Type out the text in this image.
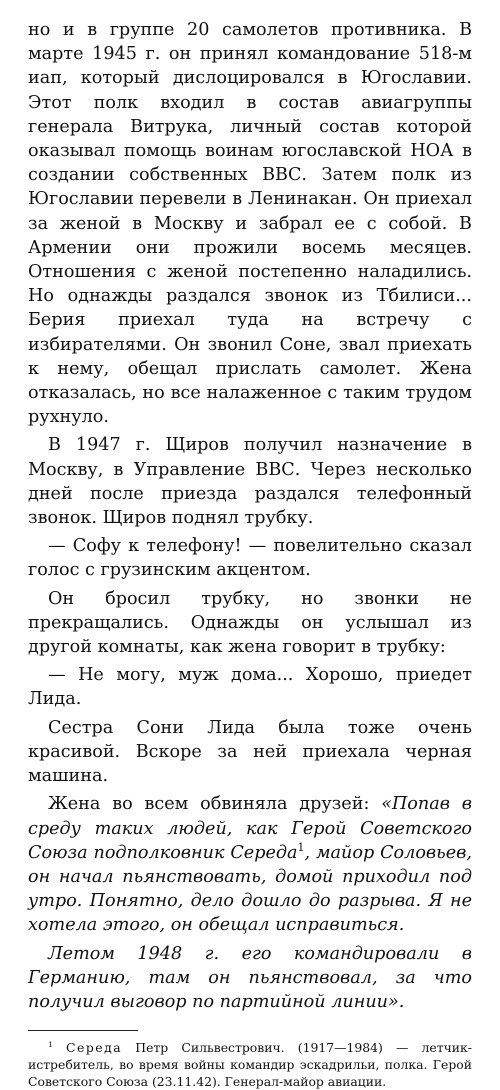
но и в группе 20 самолетов противника. В марте 1945 г. он принял командование 518-м иап, который дислоцировался в Югославии. Этот полк входил в состав авиагруппы генерала Витрука, личный состав которой оказывал помощь воинам югославской НОА в создании собственных ВВС. Затем полк из Югославии перевели в Ленинакан. Он приехал за женой в Москву и забрал ее с собой. В Армении они прожили восемь месяцев. Отношения с женой постепенно наладились. Но однажды раздался звонок из Тбилиси... Берия приехал туда на встречу с избирателями. Он звонил Соне, звал приехать к нему, обещал прислать самолет. Жена отказалась, но все налаженное с таким трудом рухнуло.

В 1947 г. Щиров получил назначение в Москву, в Управление ВВС. Через несколько дней после приезда раздался телефонный звонок. Щиров поднял трубку.

— Софу к телефону! — повелительно сказал голос с грузинским акцентом.

Он бросил трубку, но звонки не прекращались. Однажды он услышал из другой комнаты, как жена говорит в трубку:

— Не могу, муж дома... Хорошо, приедет Лида.

Сестра Сони Лида была тоже очень красивой. Вскоре за ней приехала черная машина.

Жена во всем обвиняла друзей: «Попав в среду таких людей, как Герой Советского Союза подполковник Середа$^1$, майор Соловьев, он начал пьянствовать, домой приходил под утро. Понятно, дело дошло до разрыва. Я не хотела этого, он обещал исправиться.

Летом 1948 г. его командировали в Германию, там он пьянствовал, за что получил выговор по партийной линии».

$^1$ Середа Петр Сильвестрович. (1917—1984) — летчик-истребитель, во время войны командир эскадрильи, полка. Герой Советского Союза (23.11.42). Генерал-майор авиации.
